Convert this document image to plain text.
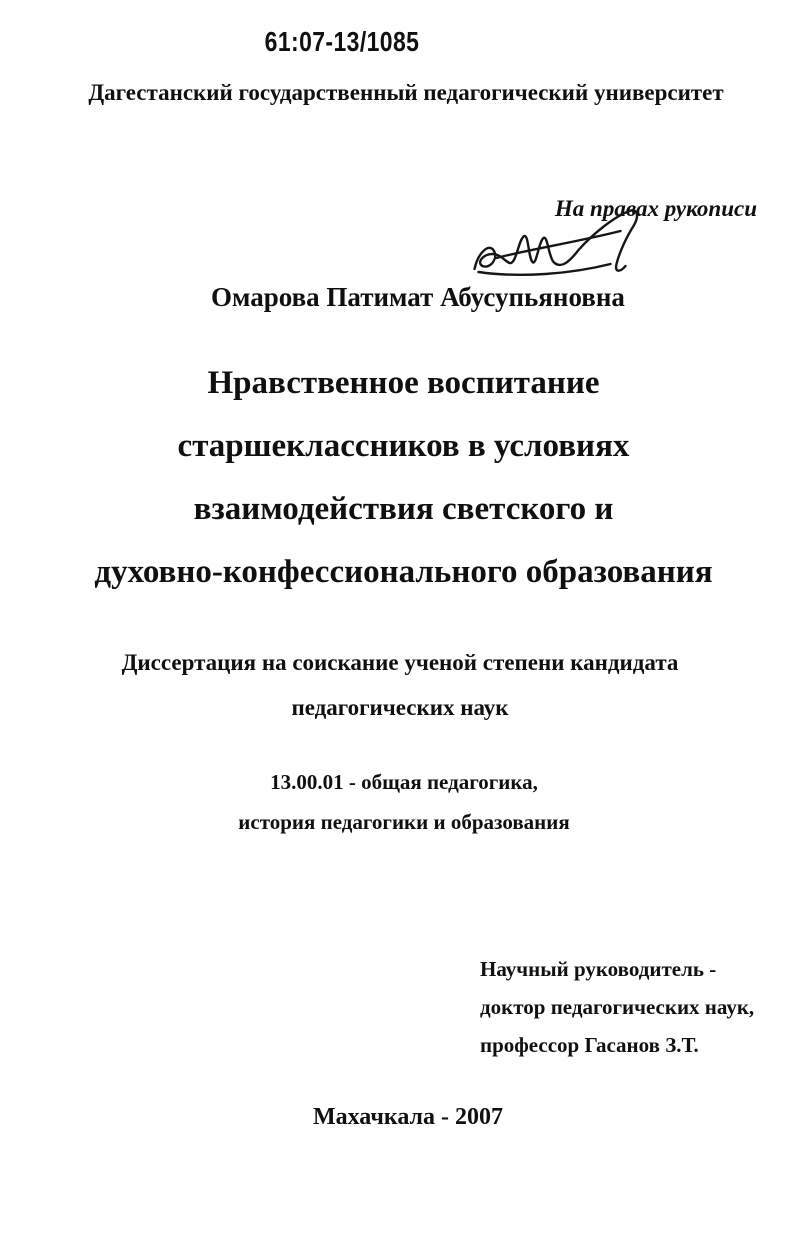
61:07-13/1085
Дагестанский государственный педагогический университет
На правах рукописи
Омарова Патимат Абусупьяновна
Нравственное воспитание
старшеклассников в условиях
взаимодействия светского и
духовно-конфессионального образования
Диссертация на соискание ученой степени кандидата
педагогических наук
13.00.01 - общая педагогика,
история педагогики и образования
Научный руководитель -
доктор педагогических наук,
профессор Гасанов З.Т.
Махачкала - 2007
